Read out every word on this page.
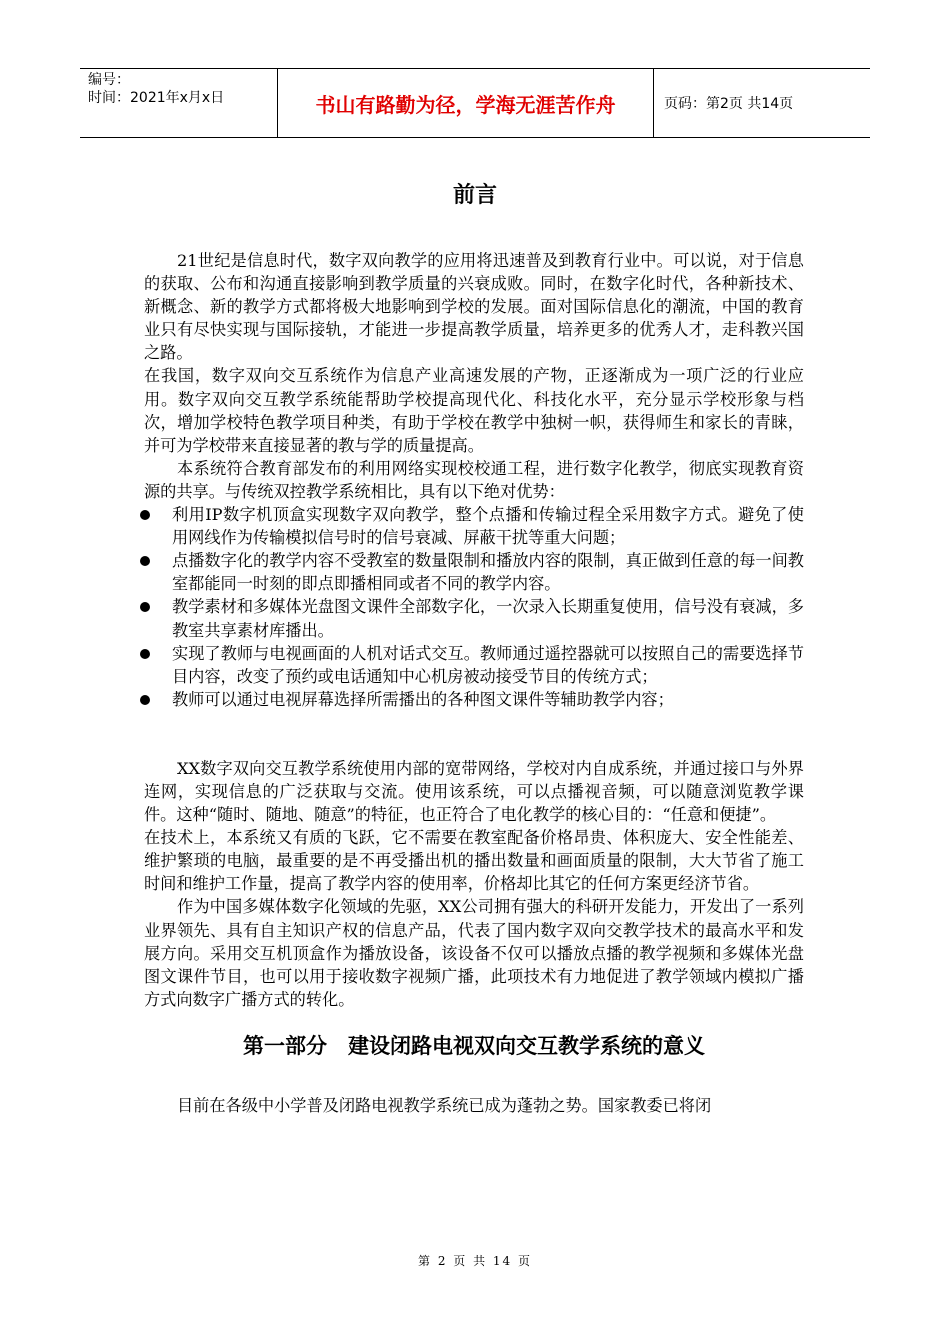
编号：
时间：2021年x月x日	书山有路勤为径，学海无涯苦作舟	页码：第2页 共14页
前言

21世纪是信息时代，数字双向教学的应用将迅速普及到教育行业中。可以说，对于信息的获取、公布和沟通直接影响到教学质量的兴衰成败。同时，在数字化时代，各种新技术、新概念、新的教学方式都将极大地影响到学校的发展。面对国际信息化的潮流，中国的教育业只有尽快实现与国际接轨，才能进一步提高教学质量，培养更多的优秀人才，走科教兴国之路。

在我国，数字双向交互系统作为信息产业高速发展的产物，正逐渐成为一项广泛的行业应用。数字双向交互教学系统能帮助学校提高现代化、科技化水平，充分显示学校形象与档次，增加学校特色教学项目种类，有助于学校在教学中独树一帜，获得师生和家长的青睐，并可为学校带来直接显著的教与学的质量提高。

本系统符合教育部发布的利用网络实现校校通工程，进行数字化教学，彻底实现教育资源的共享。与传统双控教学系统相比，具有以下绝对优势：

利用IP数字机顶盒实现数字双向教学，整个点播和传输过程全采用数字方式。避免了使用网线作为传输模拟信号时的信号衰减、屏蔽干扰等重大问题；
点播数字化的教学内容不受教室的数量限制和播放内容的限制，真正做到任意的每一间教室都能同一时刻的即点即播相同或者不同的教学内容。
教学素材和多媒体光盘图文课件全部数字化，一次录入长期重复使用，信号没有衰减，多教室共享素材库播出。
实现了教师与电视画面的人机对话式交互。教师通过遥控器就可以按照自己的需要选择节目内容，改变了预约或电话通知中心机房被动接受节目的传统方式；
教师可以通过电视屏幕选择所需播出的各种图文课件等辅助教学内容；

XX数字双向交互教学系统使用内部的宽带网络，学校对内自成系统，并通过接口与外界连网，实现信息的广泛获取与交流。使用该系统，可以点播视音频，可以随意浏览教学课件。这种“随时、随地、随意”的特征，也正符合了电化教学的核心目的：“任意和便捷”。

在技术上，本系统又有质的飞跃，它不需要在教室配备价格昂贵、体积庞大、安全性能差、维护繁琐的电脑，最重要的是不再受播出机的播出数量和画面质量的限制，大大节省了施工时间和维护工作量，提高了教学内容的使用率，价格却比其它的任何方案更经济节省。

作为中国多媒体数字化领域的先驱，XX公司拥有强大的科研开发能力，开发出了一系列业界领先、具有自主知识产权的信息产品，代表了国内数字双向交教学技术的最高水平和发展方向。采用交互机顶盒作为播放设备，该设备不仅可以播放点播的教学视频和多媒体光盘图文课件节目，也可以用于接收数字视频广播，此项技术有力地促进了教学领域内模拟广播方式向数字广播方式的转化。

第一部分　建设闭路电视双向交互教学系统的意义

目前在各级中小学普及闭路电视教学系统已成为蓬勃之势。国家教委已将闭

第 2 页 共 14 页
